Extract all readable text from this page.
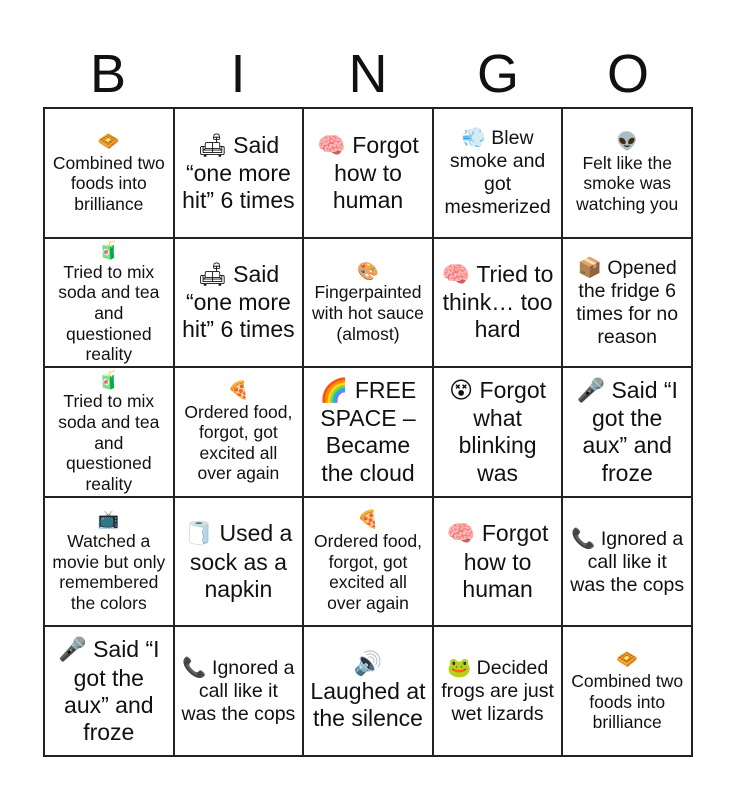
B	I	N	G	O
🧇
Combined two foods into brilliance
🛋 Said “one more hit” 6 times
🧠 Forgot how to human
💨 Blew smoke and got mesmerized
👽
Felt like the smoke was watching you
🧃
Tried to mix soda and tea and questioned reality
🛋 Said “one more hit” 6 times
🎨
Fingerpainted with hot sauce (almost)
🧠 Tried to think… too hard
📦 Opened the fridge 6 times for no reason
🧃
Tried to mix soda and tea and questioned reality
🍕
Ordered food, forgot, got excited all over again
🌈 FREE SPACE – Became the cloud
😵 Forgot what blinking was
🎤 Said “I got the aux” and froze
📺
Watched a movie but only remembered the colors
🧻 Used a sock as a napkin
🍕
Ordered food, forgot, got excited all over again
🧠 Forgot how to human
📞 Ignored a call like it was the cops
🎤 Said “I got the aux” and froze
📞 Ignored a call like it was the cops
🔊 Laughed at the silence
🐸 Decided frogs are just wet lizards
🧇
Combined two foods into brilliance
